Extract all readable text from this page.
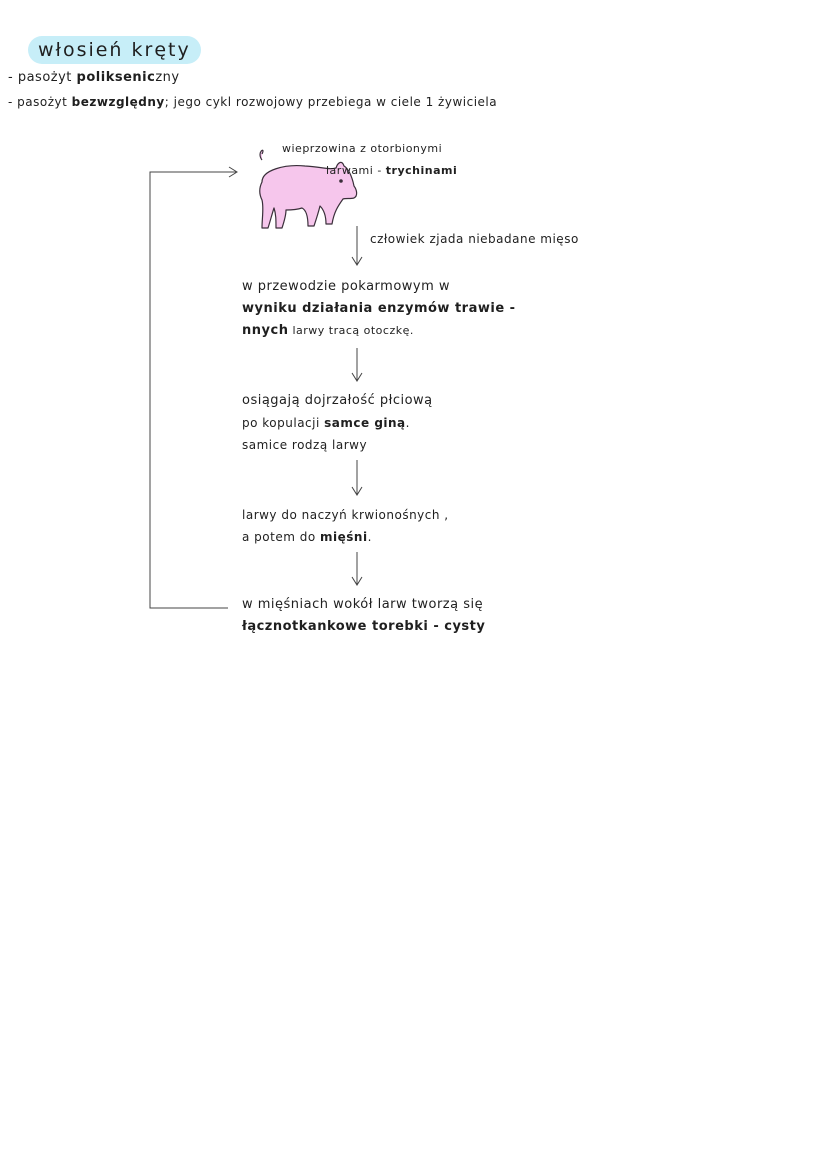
włosień kręty
- pasożyt polikseniczny
- pasożyt bezwzględny; jego cykl rozwojowy przebiega w ciele 1 żywiciela
wieprzowina z otorbionymi
larwami - trychinami
człowiek zjada niebadane mięso
w przewodzie pokarmowym w
wyniku działania enzymów trawie -
nnych larwy tracą otoczkę.
osiągają dojrzałość płciową
po kopulacji samce giną.
samice rodzą larwy
larwy do naczyń krwionośnych ,
a potem do mięśni.
w mięśniach wokół larw tworzą się
łącznotkankowe torebki - cysty
